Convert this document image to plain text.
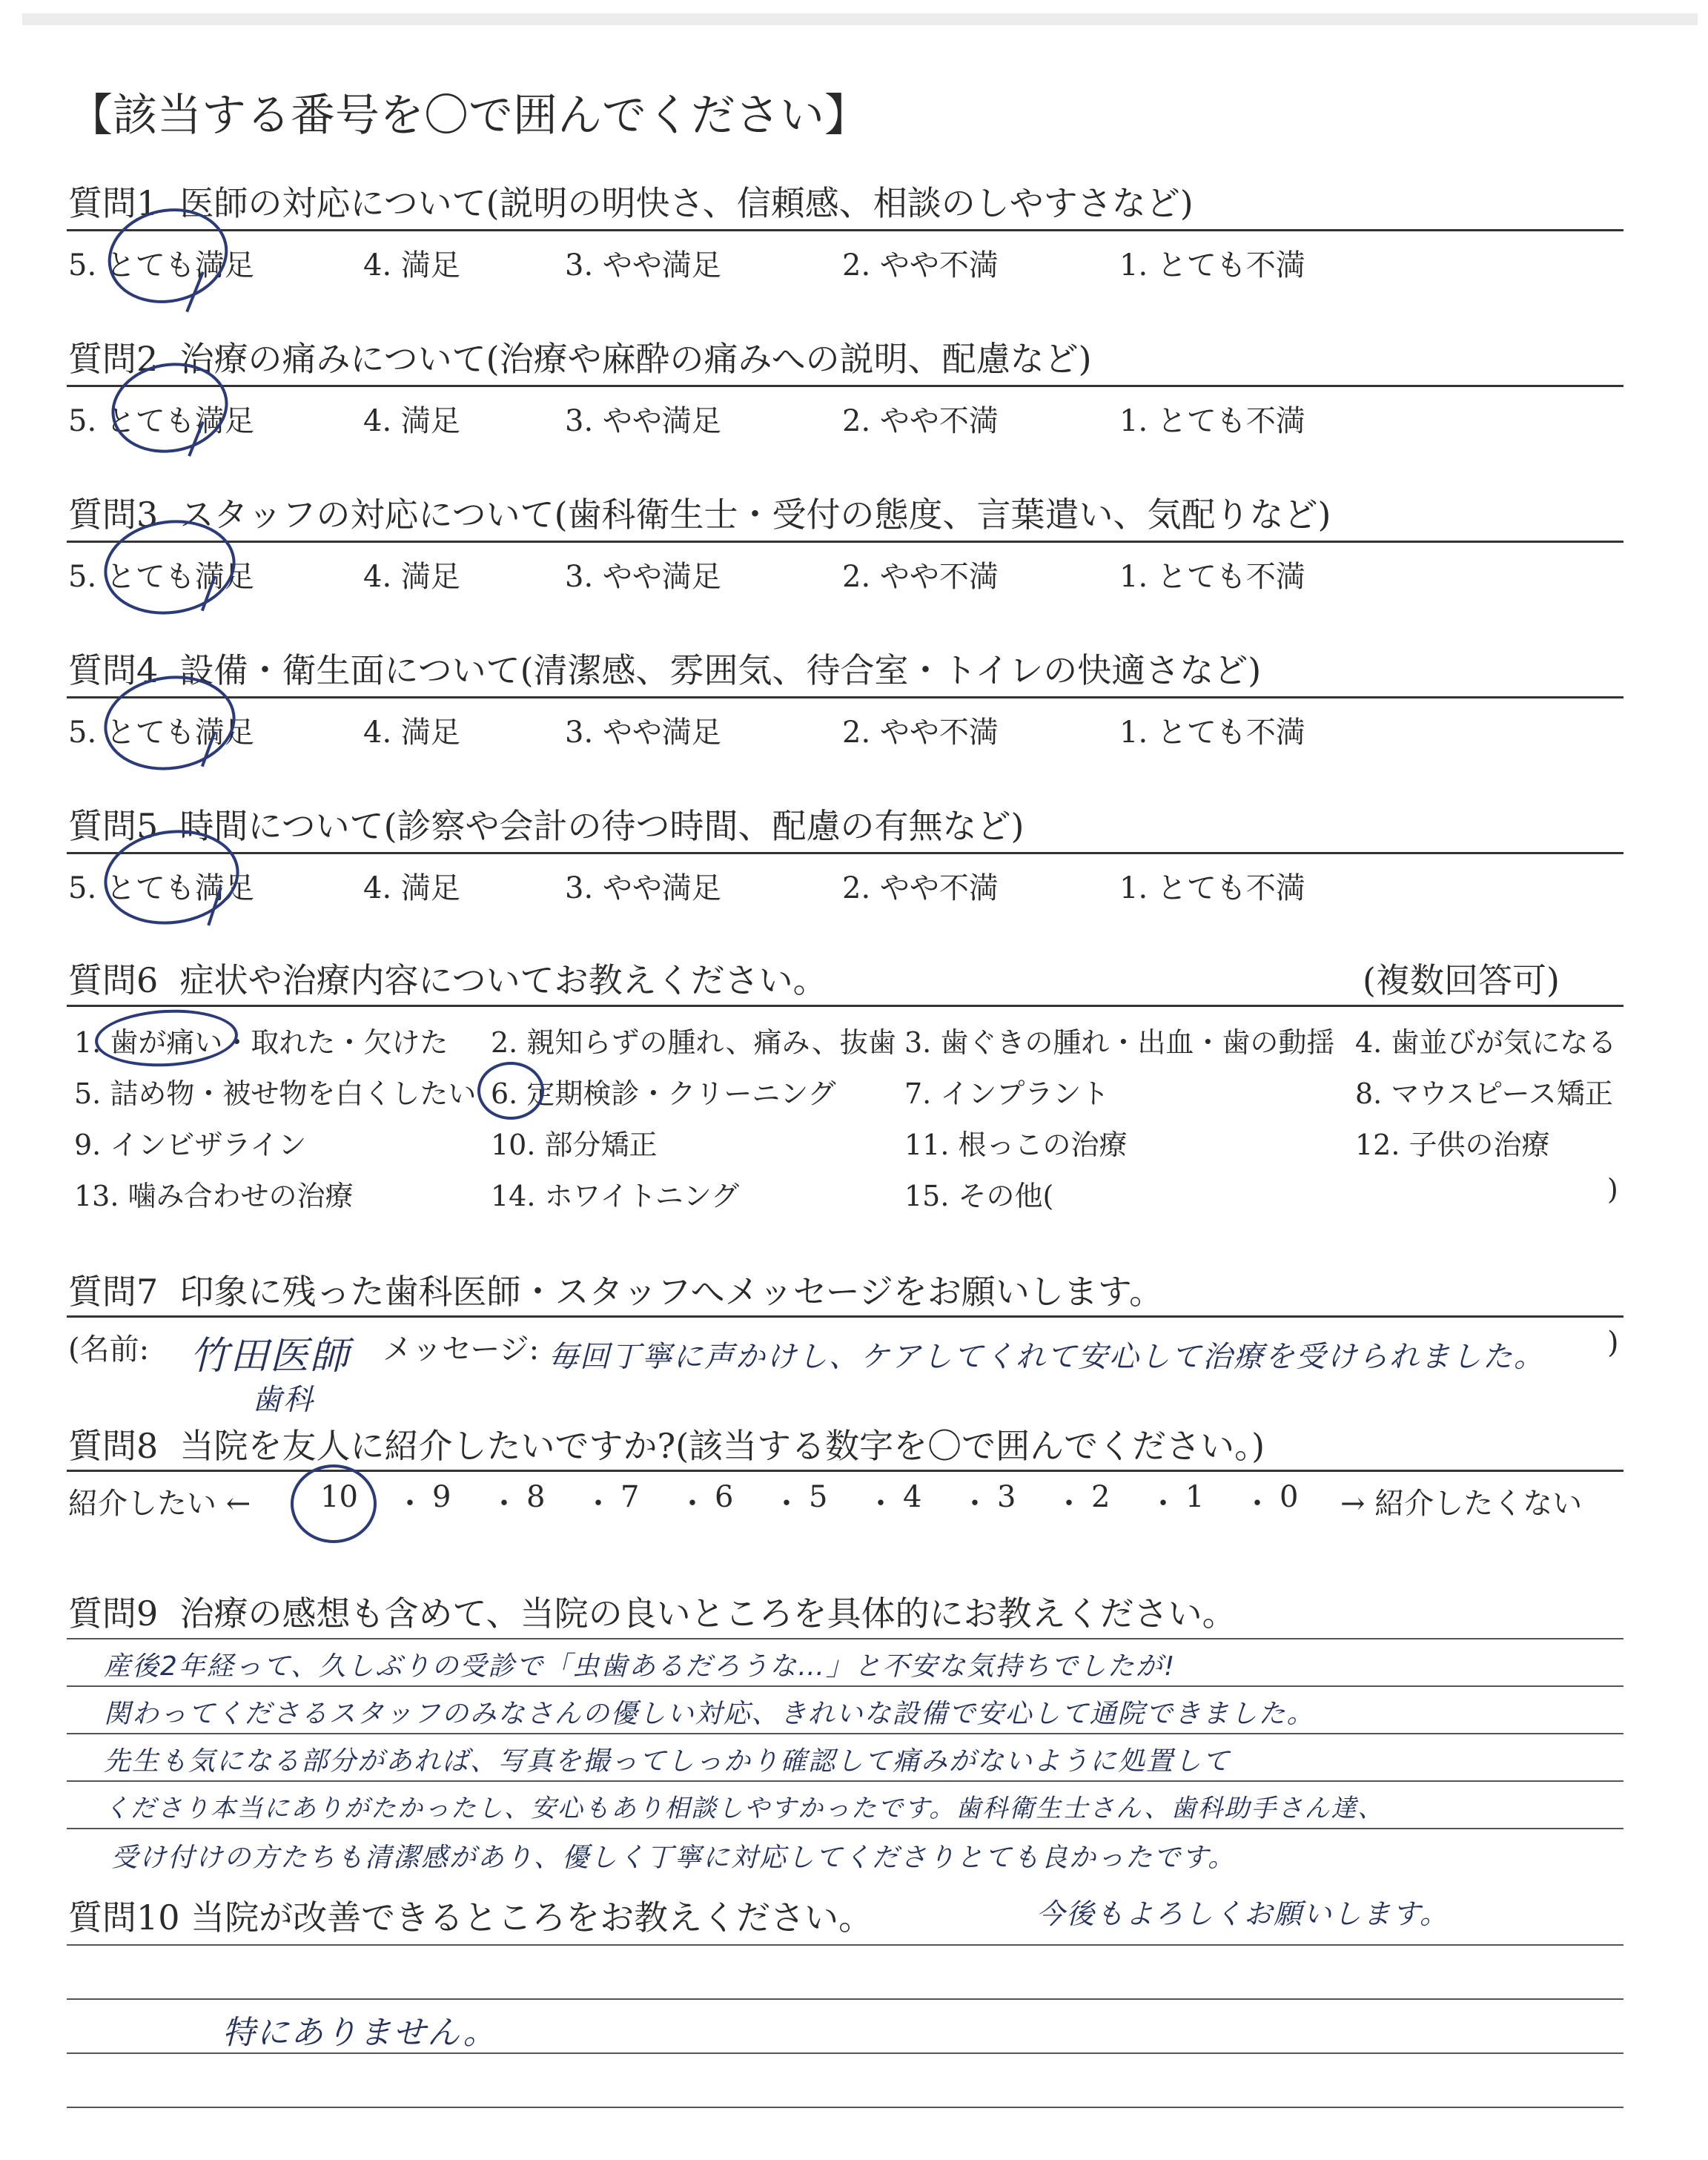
【該当する番号を〇で囲んでください】
質問1 医師の対応について(説明の明快さ、信頼感、相談のしやすさなど)
5. とても満足	4. 満足	3. やや満足	2. やや不満	1. とても不満
質問2 治療の痛みについて(治療や麻酔の痛みへの説明、配慮など)
5. とても満足	4. 満足	3. やや満足	2. やや不満	1. とても不満
質問3 スタッフの対応について(歯科衛生士・受付の態度、言葉遣い、気配りなど)
5. とても満足	4. 満足	3. やや満足	2. やや不満	1. とても不満
質問4 設備・衛生面について(清潔感、雰囲気、待合室・トイレの快適さなど)
5. とても満足	4. 満足	3. やや満足	2. やや不満	1. とても不満
質問5 時間について(診察や会計の待つ時間、配慮の有無など)
5. とても満足	4. 満足	3. やや満足	2. やや不満	1. とても不満
質問6 症状や治療内容についてお教えください。	(複数回答可)
1. 歯が痛い・取れた・欠けた 2. 親知らずの腫れ、痛み、抜歯 3. 歯ぐきの腫れ・出血・歯の動揺 4. 歯並びが気になる
5. 詰め物・被せ物を白くしたい 6. 定期検診・クリーニング 7. インプラント	8. マウスピース矯正
9. インビザライン	10. 部分矯正	11. 根っこの治療	12. 子供の治療
13. 噛み合わせの治療	14. ホワイトニング	15. その他(	)
質問7 印象に残った歯科医師・スタッフへメッセージをお願いします。
(名前: 竹田医師
歯科
メッセージ: 毎回丁寧に声かけし、ケアしてくれて安心して治療を受けられました。 )
質問8 当院を友人に紹介したいですか?(該当する数字を〇で囲んでください。)
紹介したい ← 10 ・ 9 ・ 8 ・ 7 ・ 6 ・ 5 ・ 4 ・ 3 ・ 2 ・ 1 ・ 0 → 紹介したくない
質問9 治療の感想も含めて、当院の良いところを具体的にお教えください。
産後2年経って、久しぶりの受診で「虫歯あるだろうな…」と不安な気持ちでしたが!
関わってくださるスタッフのみなさんの優しい対応、きれいな設備で安心して通院できました。
先生も気になる部分があれば、写真を撮ってしっかり確認して痛みがないように処置して
くださり本当にありがたかったし、安心もあり相談しやすかったです。歯科衛生士さん、歯科助手さん達、
受け付けの方たちも清潔感があり、優しく丁寧に対応してくださりとても良かったです。
質問10 当院が改善できるところをお教えください。	今後もよろしくお願いします。
特にありません。
